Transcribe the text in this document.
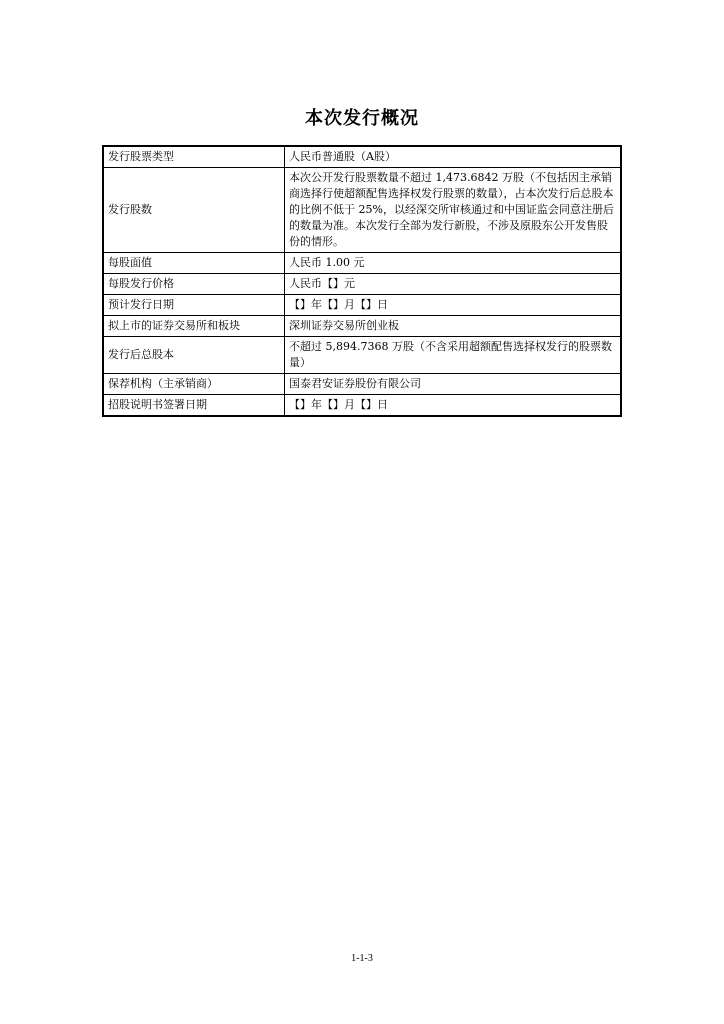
本次发行概况
发行股票类型	人民币普通股（A股）
发行股数	本次公开发行股票数量不超过 1,473.6842 万股（不包括因主承销商选择行使超额配售选择权发行股票的数量），占本次发行后总股本的比例不低于 25%，以经深交所审核通过和中国证监会同意注册后的数量为准。本次发行全部为发行新股，不涉及原股东公开发售股份的情形。
每股面值	人民币 1.00 元
每股发行价格	人民币【】元
预计发行日期	【】年【】月【】日
拟上市的证券交易所和板块	深圳证券交易所创业板
发行后总股本	不超过 5,894.7368 万股（不含采用超额配售选择权发行的股票数量）
保荐机构（主承销商）	国泰君安证券股份有限公司
招股说明书签署日期	【】年【】月【】日
1-1-3
